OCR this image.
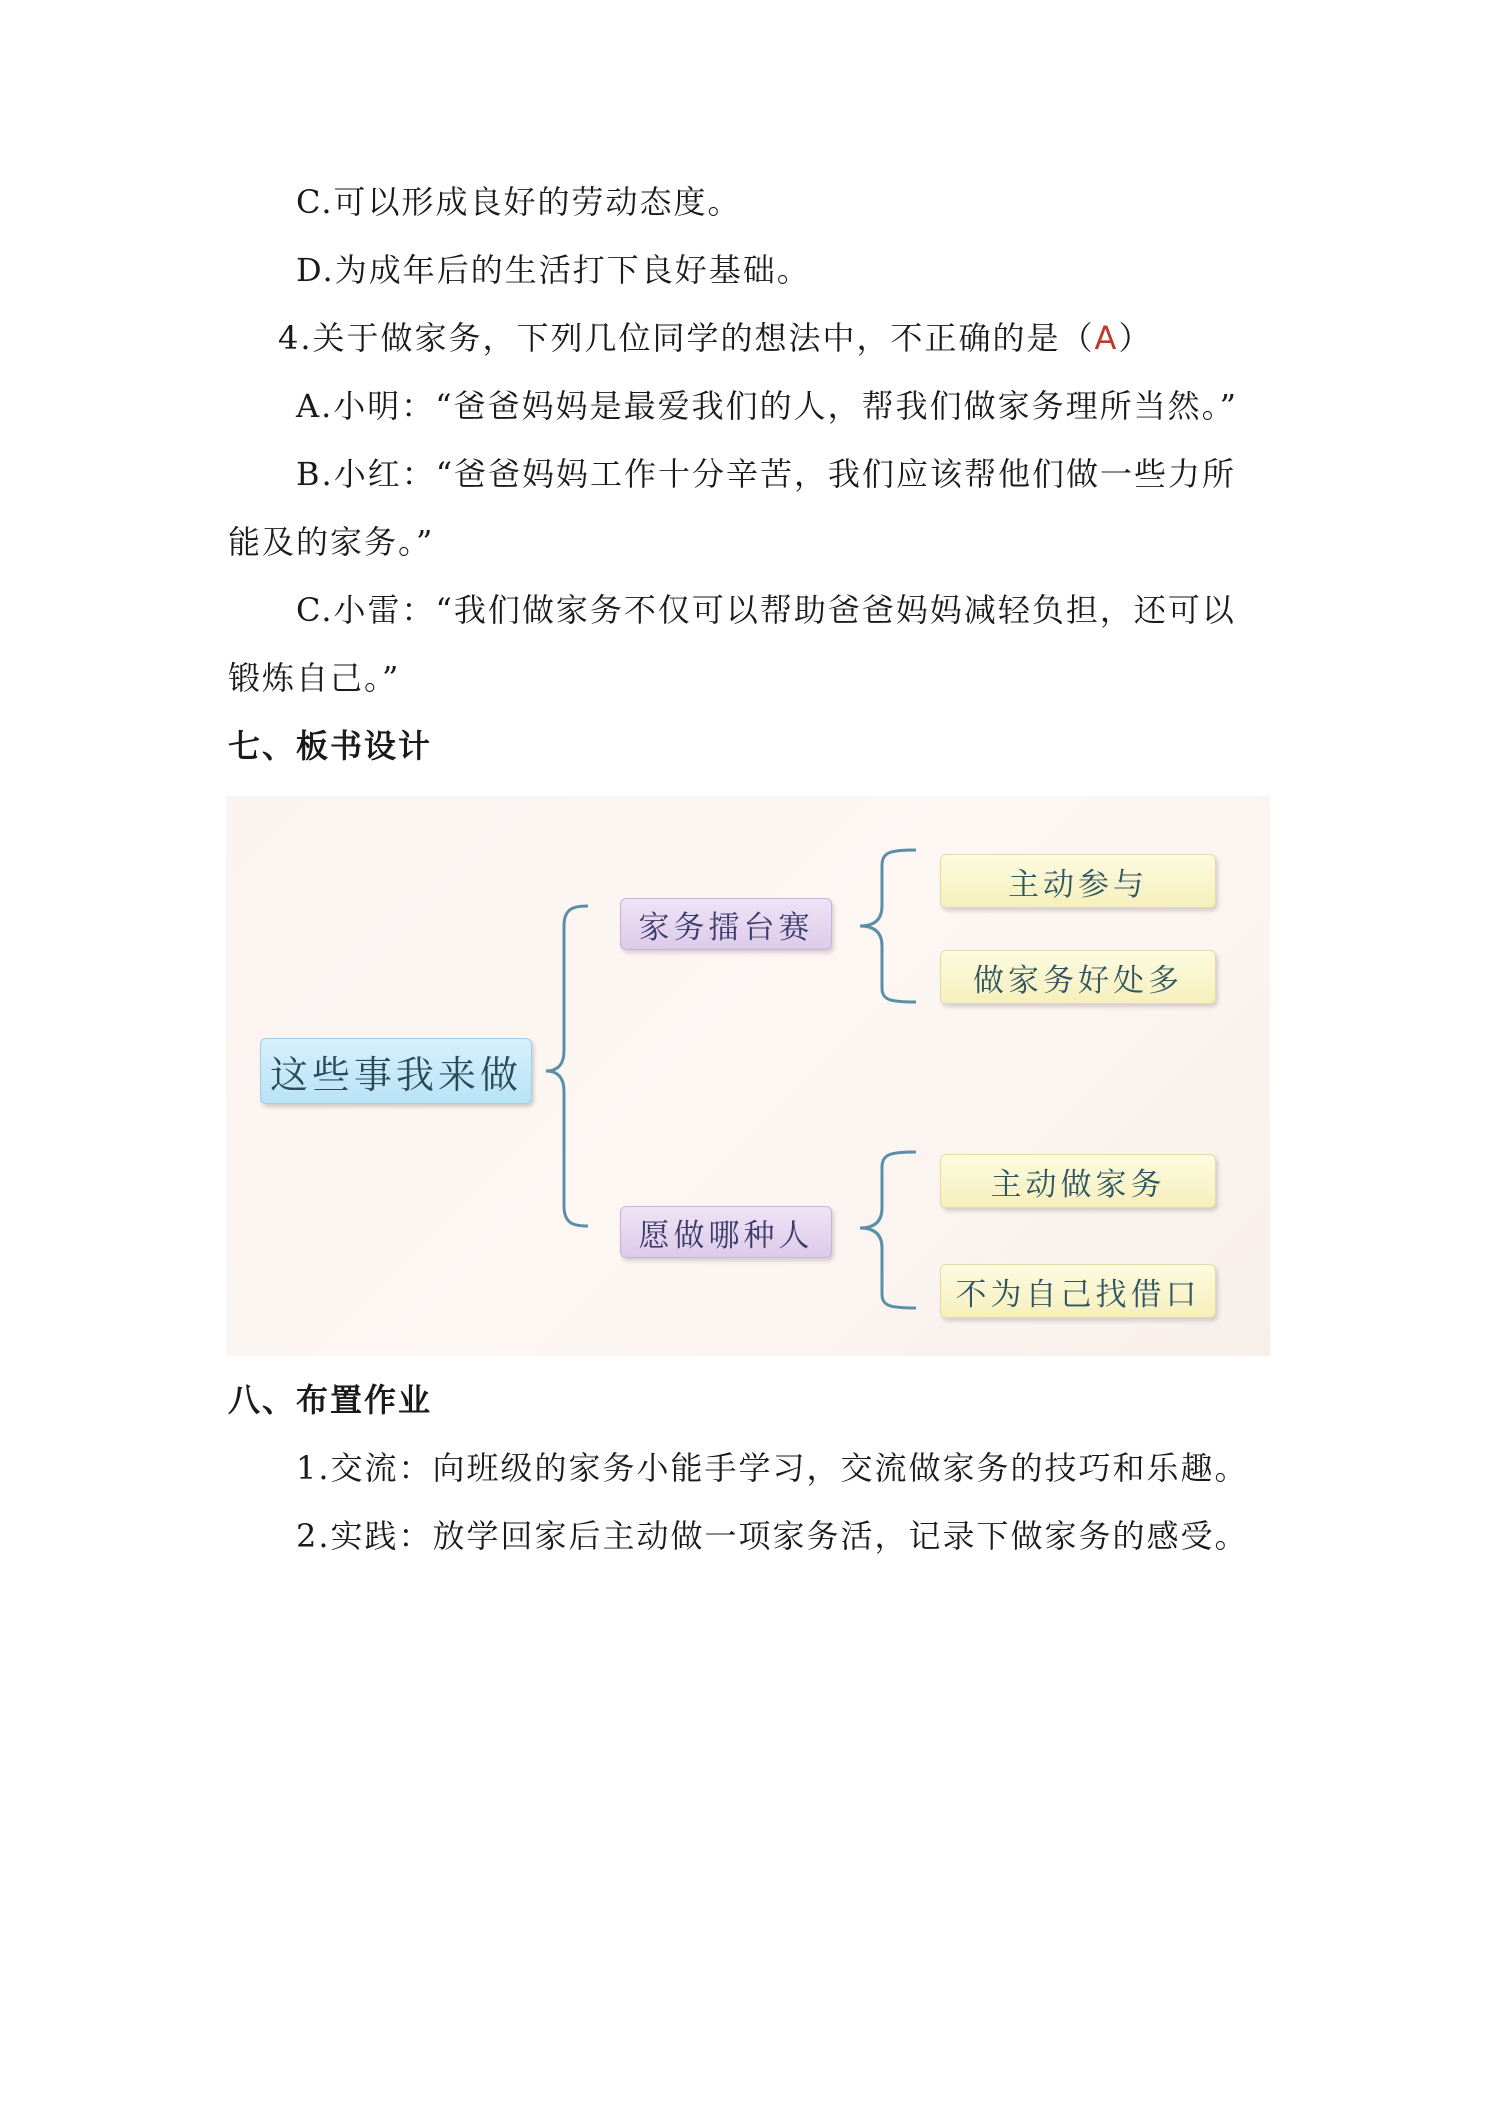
C.可以形成良好的劳动态度。
D.为成年后的生活打下良好基础。
4.关于做家务，下列几位同学的想法中，不正确的是（A）
A.小明：“爸爸妈妈是最爱我们的人，帮我们做家务理所当然。”
B.小红：“爸爸妈妈工作十分辛苦，我们应该帮他们做一些力所
能及的家务。”
C.小雷：“我们做家务不仅可以帮助爸爸妈妈减轻负担，还可以
锻炼自己。”
七、板书设计
这些事我来做
家务擂台赛
愿做哪种人
主动参与
做家务好处多
主动做家务
不为自己找借口
八、布置作业
1.交流：向班级的家务小能手学习，交流做家务的技巧和乐趣。
2.实践：放学回家后主动做一项家务活，记录下做家务的感受。
